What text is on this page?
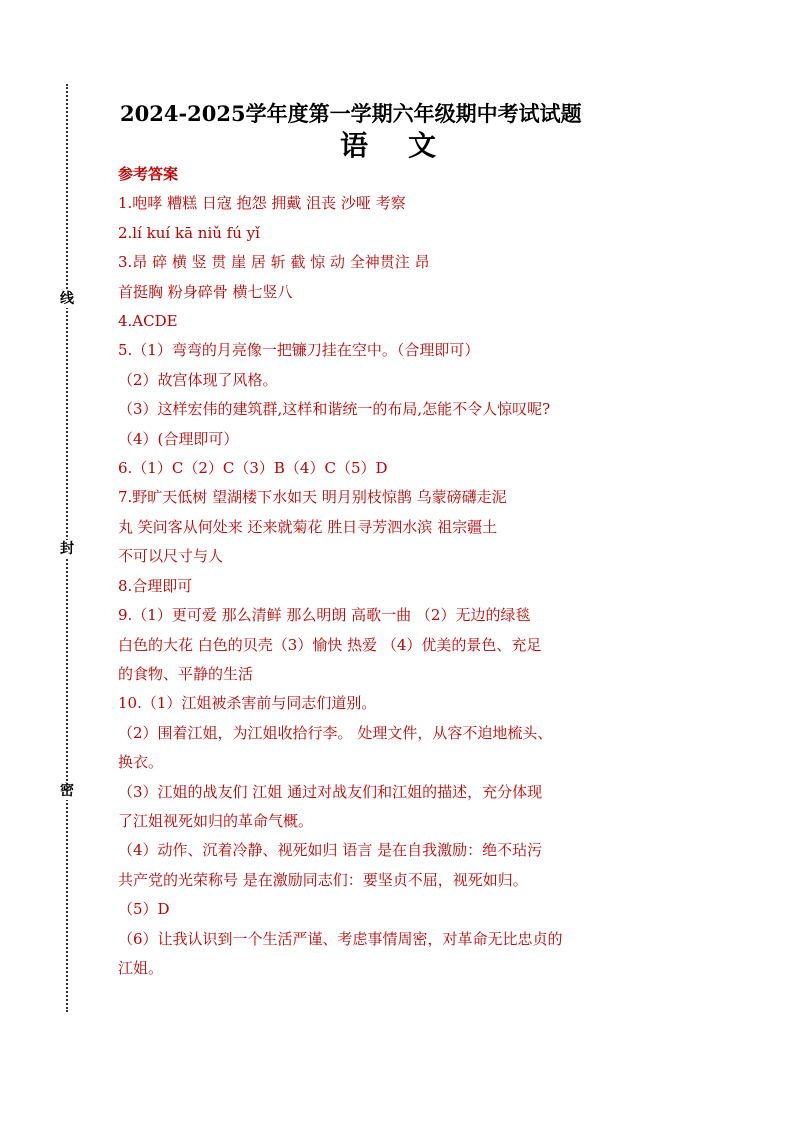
线
封
密
2024-2025学年度第一学期六年级期中考试试题
语文
参考答案
1.咆哮 糟糕 日寇 抱怨 拥戴 沮丧 沙哑 考察
2.lí kuí kā niǔ fú yǐ
3.昂 碎 横 竖 贯 崖 居 斩 截 惊 动 全神贯注 昂
首挺胸 粉身碎骨 横七竖八
4.ACDE
5.（1）弯弯的月亮像一把镰刀挂在空中。（合理即可）
（2）故宫体现了风格。
（3）这样宏伟的建筑群,这样和谐统一的布局,怎能不令人惊叹呢?
（4）(合理即可）
6.（1）C（2）C（3）B（4）C（5）D
7.野旷天低树 望湖楼下水如天 明月别枝惊鹊 乌蒙磅礴走泥
丸 笑问客从何处来 还来就菊花 胜日寻芳泗水滨 祖宗疆土
不可以尺寸与人
8.合理即可
9.（1）更可爱 那么清鲜 那么明朗 高歌一曲 （2）无边的绿毯
白色的大花 白色的贝壳（3）愉快 热爱 （4）优美的景色、充足
的食物、平静的生活
10.（1）江姐被杀害前与同志们道别。
（2）围着江姐，为江姐收拾行李。 处理文件，从容不迫地梳头、
换衣。
（3）江姐的战友们 江姐 通过对战友们和江姐的描述，充分体现
了江姐视死如归的革命气概。
（4）动作、沉着冷静、视死如归 语言 是在自我激励：绝不玷污
共产党的光荣称号 是在激励同志们：要坚贞不屈，视死如归。
（5）D
（6）让我认识到一个生活严谨、考虑事情周密，对革命无比忠贞的
江姐。
